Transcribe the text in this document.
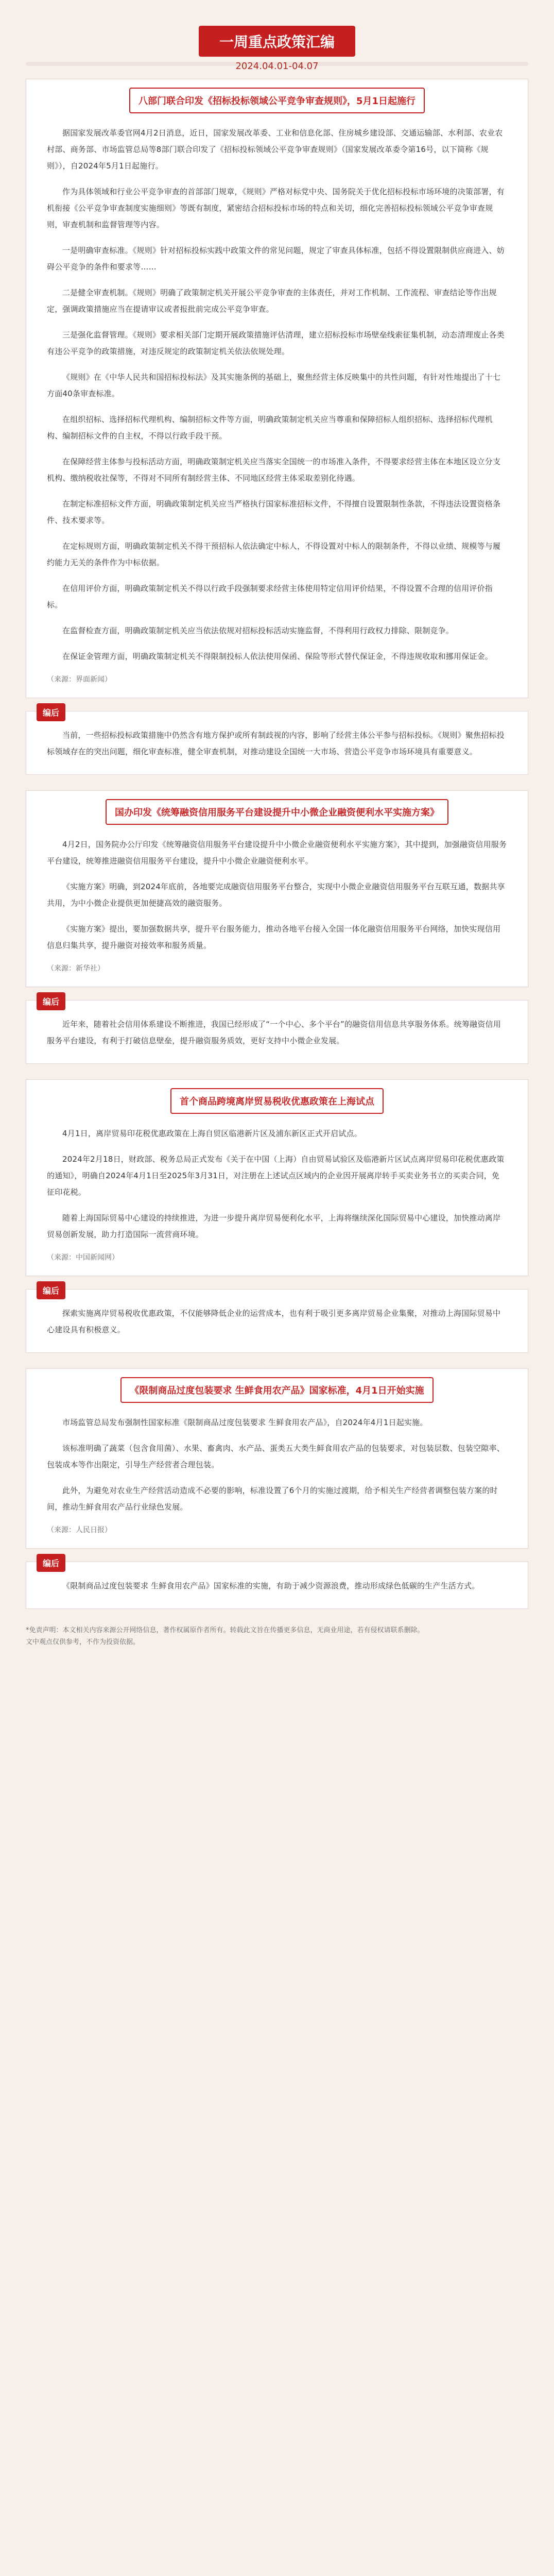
一周重点政策汇编
2024.04.01-04.07
八部门联合印发《招标投标领域公平竞争审查规则》，5月1日起施行

据国家发展改革委官网4月2日消息，近日，国家发展改革委、工业和信息化部、住房城乡建设部、交通运输部、水利部、农业农村部、商务部、市场监管总局等8部门联合印发了《招标投标领域公平竞争审查规则》（国家发展改革委令第16号，以下简称《规则》），自2024年5月1日起施行。

作为具体领域和行业公平竞争审查的首部部门规章，《规则》严格对标党中央、国务院关于优化招标投标市场环境的决策部署，有机衔接《公平竞争审查制度实施细则》等既有制度，紧密结合招标投标市场的特点和关切，细化完善招标投标领域公平竞争审查规则，审查机制和监督管理等内容。

一是明确审查标准。《规则》针对招标投标实践中政策文件的常见问题，规定了审查具体标准，包括不得设置限制供应商进入、妨碍公平竞争的条件和要求等……

二是健全审查机制。《规则》明确了政策制定机关开展公平竞争审查的主体责任，并对工作机制、工作流程、审查结论等作出规定，强调政策措施应当在提请审议或者报批前完成公平竞争审查。

三是强化监督管理。《规则》要求相关部门定期开展政策措施评估清理，建立招标投标市场壁垒线索征集机制，动态清理废止各类有违公平竞争的政策措施，对违反规定的政策制定机关依法依规处理。

《规则》在《中华人民共和国招标投标法》及其实施条例的基础上，聚焦经营主体反映集中的共性问题，有针对性地提出了十七方面40条审查标准。

在组织招标、选择招标代理机构、编制招标文件等方面，明确政策制定机关应当尊重和保障招标人组织招标、选择招标代理机构、编制招标文件的自主权，不得以行政手段干预。

在保障经营主体参与投标活动方面，明确政策制定机关应当落实全国统一的市场准入条件，不得要求经营主体在本地区设立分支机构、缴纳税收社保等，不得对不同所有制经营主体、不同地区经营主体采取差别化待遇。

在制定标准招标文件方面，明确政策制定机关应当严格执行国家标准招标文件，不得擅自设置限制性条款，不得违法设置资格条件、技术要求等。

在定标规则方面，明确政策制定机关不得干预招标人依法确定中标人，不得设置对中标人的限制条件，不得以业绩、规模等与履约能力无关的条件作为中标依据。

在信用评价方面，明确政策制定机关不得以行政手段强制要求经营主体使用特定信用评价结果，不得设置不合理的信用评价指标。

在监督检查方面，明确政策制定机关应当依法依规对招标投标活动实施监督，不得利用行政权力排除、限制竞争。

在保证金管理方面，明确政策制定机关不得限制投标人依法使用保函、保险等形式替代保证金，不得违规收取和挪用保证金。

（来源：界面新闻）
编后

当前，一些招标投标政策措施中仍然含有地方保护或所有制歧视的内容，影响了经营主体公平参与招标投标。《规则》聚焦招标投标领域存在的突出问题，细化审查标准，健全审查机制，对推动建设全国统一大市场、营造公平竞争市场环境具有重要意义。

国办印发《统筹融资信用服务平台建设提升中小微企业融资便利水平实施方案》

4月2日，国务院办公厅印发《统筹融资信用服务平台建设提升中小微企业融资便利水平实施方案》，其中提到，加强融资信用服务平台建设，统筹推进融资信用服务平台建设，提升中小微企业融资便利水平。

《实施方案》明确，到2024年底前，各地要完成融资信用服务平台整合，实现中小微企业融资信用服务平台互联互通，数据共享共用，为中小微企业提供更加便捷高效的融资服务。

《实施方案》提出，要加强数据共享，提升平台服务能力，推动各地平台接入全国一体化融资信用服务平台网络，加快实现信用信息归集共享，提升融资对接效率和服务质量。

（来源：新华社）
编后

近年来，随着社会信用体系建设不断推进，我国已经形成了“一个中心、多个平台”的融资信用信息共享服务体系。统筹融资信用服务平台建设，有利于打破信息壁垒，提升融资服务质效，更好支持中小微企业发展。

首个商品跨境离岸贸易税收优惠政策在上海试点

4月1日，离岸贸易印花税优惠政策在上海自贸区临港新片区及浦东新区正式开启试点。

2024年2月18日，财政部、税务总局正式发布《关于在中国（上海）自由贸易试验区及临港新片区试点离岸贸易印花税优惠政策的通知》，明确自2024年4月1日至2025年3月31日，对注册在上述试点区域内的企业因开展离岸转手买卖业务书立的买卖合同，免征印花税。

随着上海国际贸易中心建设的持续推进，为进一步提升离岸贸易便利化水平，上海将继续深化国际贸易中心建设，加快推动离岸贸易创新发展，助力打造国际一流营商环境。

（来源：中国新闻网）
编后

探索实施离岸贸易税收优惠政策，不仅能够降低企业的运营成本，也有利于吸引更多离岸贸易企业集聚，对推动上海国际贸易中心建设具有积极意义。

《限制商品过度包装要求 生鲜食用农产品》国家标准，4月1日开始实施

市场监管总局发布强制性国家标准《限制商品过度包装要求 生鲜食用农产品》，自2024年4月1日起实施。

该标准明确了蔬菜（包含食用菌）、水果、畜禽肉、水产品、蛋类五大类生鲜食用农产品的包装要求，对包装层数、包装空隙率、包装成本等作出限定，引导生产经营者合理包装。

此外，为避免对农业生产经营活动造成不必要的影响，标准设置了6个月的实施过渡期，给予相关生产经营者调整包装方案的时间，推动生鲜食用农产品行业绿色发展。

（来源：人民日报）
编后

《限制商品过度包装要求 生鲜食用农产品》国家标准的实施，有助于减少资源浪费，推动形成绿色低碳的生产生活方式。

*免责声明：本文相关内容来源公开网络信息，著作权属原作者所有。转载此文旨在传播更多信息，无商业用途，若有侵权请联系删除。
文中观点仅供参考，不作为投资依据。
